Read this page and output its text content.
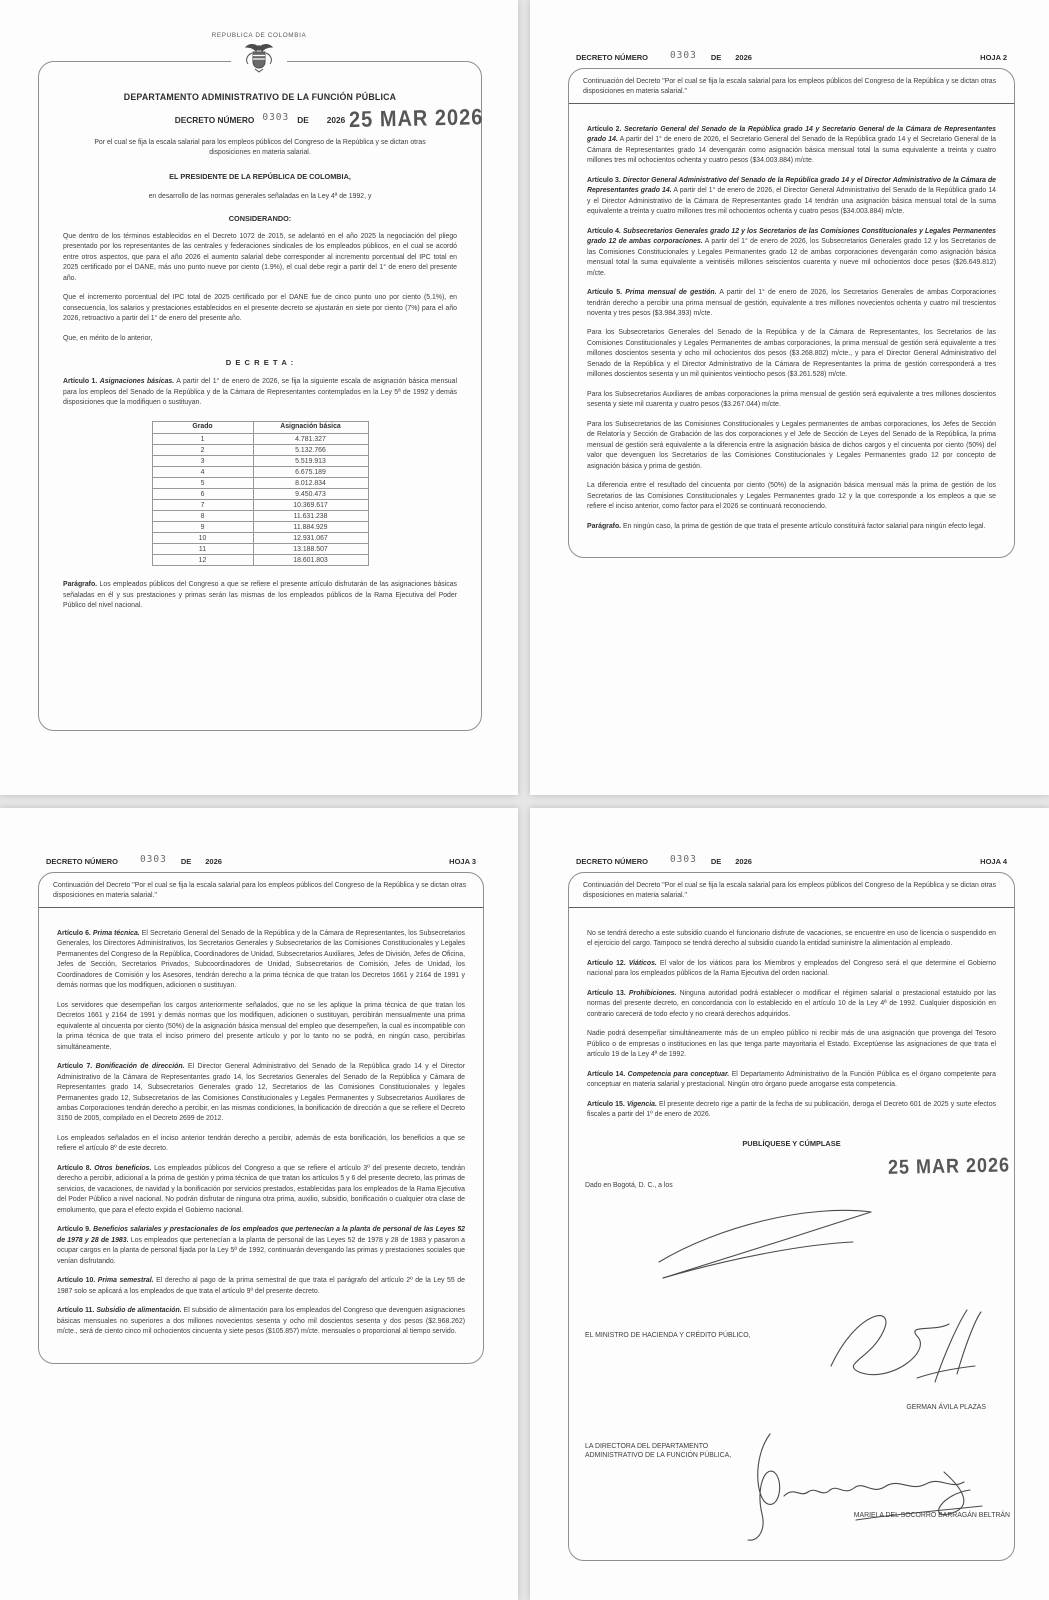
REPUBLICA DE COLOMBIA
DEPARTAMENTO ADMINISTRATIVO DE LA FUNCIÓN PÚBLICA
DECRETO NÚMERO 0303 DE 2026 25 MAR 2026
Por el cual se fija la escala salarial para los empleos públicos del Congreso de la República y se dictan otras disposiciones en materia salarial.
EL PRESIDENTE DE LA REPÚBLICA DE COLOMBIA,
en desarrollo de las normas generales señaladas en la Ley 4ª de 1992, y
CONSIDERANDO:

Que dentro de los términos establecidos en el Decreto 1072 de 2015, se adelantó en el año 2025 la negociación del pliego presentado por los representantes de las centrales y federaciones sindicales de los empleados públicos, en el cual se acordó entre otros aspectos, que para el año 2026 el aumento salarial debe corresponder al incremento porcentual del IPC total en 2025 certificado por el DANE, más uno punto nueve por ciento (1.9%), el cual debe regir a partir del 1° de enero del presente año.

Que el incremento porcentual del IPC total de 2025 certificado por el DANE fue de cinco punto uno por ciento (5.1%), en consecuencia, los salarios y prestaciones establecidos en el presente decreto se ajustarán en siete por ciento (7%) para el año 2026, retroactivo a partir del 1° de enero del presente año.

Que, en mérito de lo anterior,

D E C R E T A :

Artículo 1. Asignaciones básicas. A partir del 1° de enero de 2026, se fija la siguiente escala de asignación básica mensual para los empleos del Senado de la República y de la Cámara de Representantes contemplados en la Ley 5ª de 1992 y demás disposiciones que la modifiquen o sustituyan.

Grado	Asignación básica
1	4.781.327
2	5.132.766
3	5.519.913
4	6.675.189
5	8.012.834
6	9.450.473
7	10.369.617
8	11.631.238
9	11.884.929
10	12.931.067
11	13.188.507
12	18.601.803

Parágrafo. Los empleados públicos del Congreso a que se refiere el presente artículo disfrutarán de las asignaciones básicas señaladas en él y sus prestaciones y primas serán las mismas de los empleados públicos de la Rama Ejecutiva del Poder Público del nivel nacional.

DECRETO NÚMERO 0303 DE 2026	HOJA 2
Continuación del Decreto "Por el cual se fija la escala salarial para los empleos públicos del Congreso de la República y se dictan otras disposiciones en materia salarial."

Artículo 2. Secretario General del Senado de la República grado 14 y Secretario General de la Cámara de Representantes grado 14. A partir del 1° de enero de 2026, el Secretario General del Senado de la República grado 14 y el Secretario General de la Cámara de Representantes grado 14 devengarán como asignación básica mensual total la suma equivalente a treinta y cuatro millones tres mil ochocientos ochenta y cuatro pesos ($34.003.884) m/cte.

Artículo 3. Director General Administrativo del Senado de la República grado 14 y el Director Administrativo de la Cámara de Representantes grado 14. A partir del 1° de enero de 2026, el Director General Administrativo del Senado de la República grado 14 y el Director Administrativo de la Cámara de Representantes grado 14 tendrán una asignación básica mensual total de la suma equivalente a treinta y cuatro millones tres mil ochocientos ochenta y cuatro pesos ($34.003.884) m/cte.

Artículo 4. Subsecretarios Generales grado 12 y los Secretarios de las Comisiones Constitucionales y Legales Permanentes grado 12 de ambas corporaciones. A partir del 1° de enero de 2026, los Subsecretarios Generales grado 12 y los Secretarios de las Comisiones Constitucionales y Legales Permanentes grado 12 de ambas corporaciones devengarán como asignación básica mensual total la suma equivalente a veintiséis millones seiscientos cuarenta y nueve mil ochocientos doce pesos ($26.649.812) m/cte.

Artículo 5. Prima mensual de gestión. A partir del 1° de enero de 2026, los Secretarios Generales de ambas Corporaciones tendrán derecho a percibir una prima mensual de gestión, equivalente a tres millones novecientos ochenta y cuatro mil trescientos noventa y tres pesos ($3.984.393) m/cte.

Para los Subsecretarios Generales del Senado de la República y de la Cámara de Representantes, los Secretarios de las Comisiones Constitucionales y Legales Permanentes de ambas corporaciones, la prima mensual de gestión será equivalente a tres millones doscientos sesenta y ocho mil ochocientos dos pesos ($3.268.802) m/cte., y para el Director General Administrativo del Senado de la República y el Director Administrativo de la Cámara de Representantes la prima de gestión corresponderá a tres millones doscientos sesenta y un mil quinientos veintiocho pesos ($3.261.528) m/cte.

Para los Subsecretarios Auxiliares de ambas corporaciones la prima mensual de gestión será equivalente a tres millones doscientos sesenta y siete mil cuarenta y cuatro pesos ($3.267.044) m/cte.

Para los Subsecretarios de las Comisiones Constitucionales y Legales permanentes de ambas corporaciones, los Jefes de Sección de Relatoría y Sección de Grabación de las dos corporaciones y el Jefe de Sección de Leyes del Senado de la República, la prima mensual de gestión será equivalente a la diferencia entre la asignación básica de dichos cargos y el cincuenta por ciento (50%) del valor que devenguen los Secretarios de las Comisiones Constitucionales y Legales Permanentes grado 12 por concepto de asignación básica y prima de gestión.

La diferencia entre el resultado del cincuenta por ciento (50%) de la asignación básica mensual más la prima de gestión de los Secretarios de las Comisiones Constitucionales y Legales Permanentes grado 12 y la que corresponde a los empleos a que se refiere el inciso anterior, como factor para el 2026 se continuará reconociendo.

Parágrafo. En ningún caso, la prima de gestión de que trata el presente artículo constituirá factor salarial para ningún efecto legal.

DECRETO NÚMERO 0303 DE 2026	HOJA 3
Continuación del Decreto "Por el cual se fija la escala salarial para los empleos públicos del Congreso de la República y se dictan otras disposiciones en materia salarial."

Artículo 6. Prima técnica. El Secretario General del Senado de la República y de la Cámara de Representantes, los Subsecretarios Generales, los Directores Administrativos, los Secretarios Generales y Subsecretarios de las Comisiones Constitucionales y Legales Permanentes del Congreso de la República, Coordinadores de Unidad, Subsecretarios Auxiliares, Jefes de División, Jefes de Oficina, Jefes de Sección, Secretarios Privados, Subcoordinadores de Unidad, Subsecretarios de Comisión, Jefes de Unidad, los Coordinadores de Comisión y los Asesores, tendrán derecho a la prima técnica de que tratan los Decretos 1661 y 2164 de 1991 y demás normas que los modifiquen, adicionen o sustituyan.

Los servidores que desempeñan los cargos anteriormente señalados, que no se les aplique la prima técnica de que tratan los Decretos 1661 y 2164 de 1991 y demás normas que los modifiquen, adicionen o sustituyan, percibirán mensualmente una prima equivalente al cincuenta por ciento (50%) de la asignación básica mensual del empleo que desempeñen, la cual es incompatible con la prima técnica de que trata el inciso primero del presente artículo y por lo tanto no se podrá, en ningún caso, percibirlas simultáneamente.

Artículo 7. Bonificación de dirección. El Director General Administrativo del Senado de la República grado 14 y el Director Administrativo de la Cámara de Representantes grado 14, los Secretarios Generales del Senado de la República y Cámara de Representantes grado 14, Subsecretarios Generales grado 12, Secretarios de las Comisiones Constitucionales y legales Permanentes grado 12, Subsecretarios de las Comisiones Constitucionales y Legales Permanentes y Subsecretarios Auxiliares de ambas Corporaciones tendrán derecho a percibir, en las mismas condiciones, la bonificación de dirección a que se refiere el Decreto 3150 de 2005, compilado en el Decreto 2699 de 2012.

Los empleados señalados en el inciso anterior tendrán derecho a percibir, además de esta bonificación, los beneficios a que se refiere el artículo 8º de este decreto.

Artículo 8. Otros beneficios. Los empleados públicos del Congreso a que se refiere el artículo 3º del presente decreto, tendrán derecho a percibir, adicional a la prima de gestión y prima técnica de que tratan los artículos 5 y 6 del presente decreto, las primas de servicios, de vacaciones, de navidad y la bonificación por servicios prestados, establecidas para los empleados de la Rama Ejecutiva del Poder Público a nivel nacional. No podrán disfrutar de ninguna otra prima, auxilio, subsidio, bonificación o cualquier otra clase de emolumento, que para el efecto expida el Gobierno nacional.

Artículo 9. Beneficios salariales y prestacionales de los empleados que pertenecían a la planta de personal de las Leyes 52 de 1978 y 28 de 1983. Los empleados que pertenecían a la planta de personal de las Leyes 52 de 1978 y 28 de 1983 y pasaron a ocupar cargos en la planta de personal fijada por la Ley 5ª de 1992, continuarán devengando las primas y prestaciones sociales que venían disfrutando.

Artículo 10. Prima semestral. El derecho al pago de la prima semestral de que trata el parágrafo del artículo 2º de la Ley 55 de 1987 solo se aplicará a los empleados de que trata el artículo 9º del presente decreto.

Artículo 11. Subsidio de alimentación. El subsidio de alimentación para los empleados del Congreso que devenguen asignaciones básicas mensuales no superiores a dos millones novecientos sesenta y ocho mil doscientos sesenta y dos pesos ($2.968.262) m/cte., será de ciento cinco mil ochocientos cincuenta y siete pesos ($105.857) m/cte. mensuales o proporcional al tiempo servido.

DECRETO NÚMERO 0303 DE 2026	HOJA 4
Continuación del Decreto "Por el cual se fija la escala salarial para los empleos públicos del Congreso de la República y se dictan otras disposiciones en materia salarial."

No se tendrá derecho a este subsidio cuando el funcionario disfrute de vacaciones, se encuentre en uso de licencia o suspendido en el ejercicio del cargo. Tampoco se tendrá derecho al subsidio cuando la entidad suministre la alimentación al empleado.

Artículo 12. Viáticos. El valor de los viáticos para los Miembros y empleados del Congreso será el que determine el Gobierno nacional para los empleados públicos de la Rama Ejecutiva del orden nacional.

Artículo 13. Prohibiciones. Ninguna autoridad podrá establecer o modificar el régimen salarial o prestacional estatuido por las normas del presente decreto, en concordancia con lo establecido en el artículo 10 de la Ley 4ª de 1992. Cualquier disposición en contrario carecerá de todo efecto y no creará derechos adquiridos.

Nadie podrá desempeñar simultáneamente más de un empleo público ni recibir más de una asignación que provenga del Tesoro Público o de empresas o instituciones en las que tenga parte mayoritaria el Estado. Exceptúense las asignaciones de que trata el artículo 19 de la Ley 4ª de 1992.

Artículo 14. Competencia para conceptuar. El Departamento Administrativo de la Función Pública es el órgano competente para conceptuar en materia salarial y prestacional. Ningún otro órgano puede arrogarse esta competencia.

Artículo 15. Vigencia. El presente decreto rige a partir de la fecha de su publicación, deroga el Decreto 601 de 2025 y surte efectos fiscales a partir del 1º de enero de 2026.

PUBLÍQUESE Y CÚMPLASE
Dado en Bogotá, D. C., a los
25 MAR 2026
EL MINISTRO DE HACIENDA Y CRÉDITO PÚBLICO,
GERMAN ÁVILA PLAZAS
LA DIRECTORA DEL DEPARTAMENTO
ADMINISTRATIVO DE LA FUNCIÓN PÚBLICA,
MARIELA DEL SOCORRO BARRAGÁN BELTRÁN
